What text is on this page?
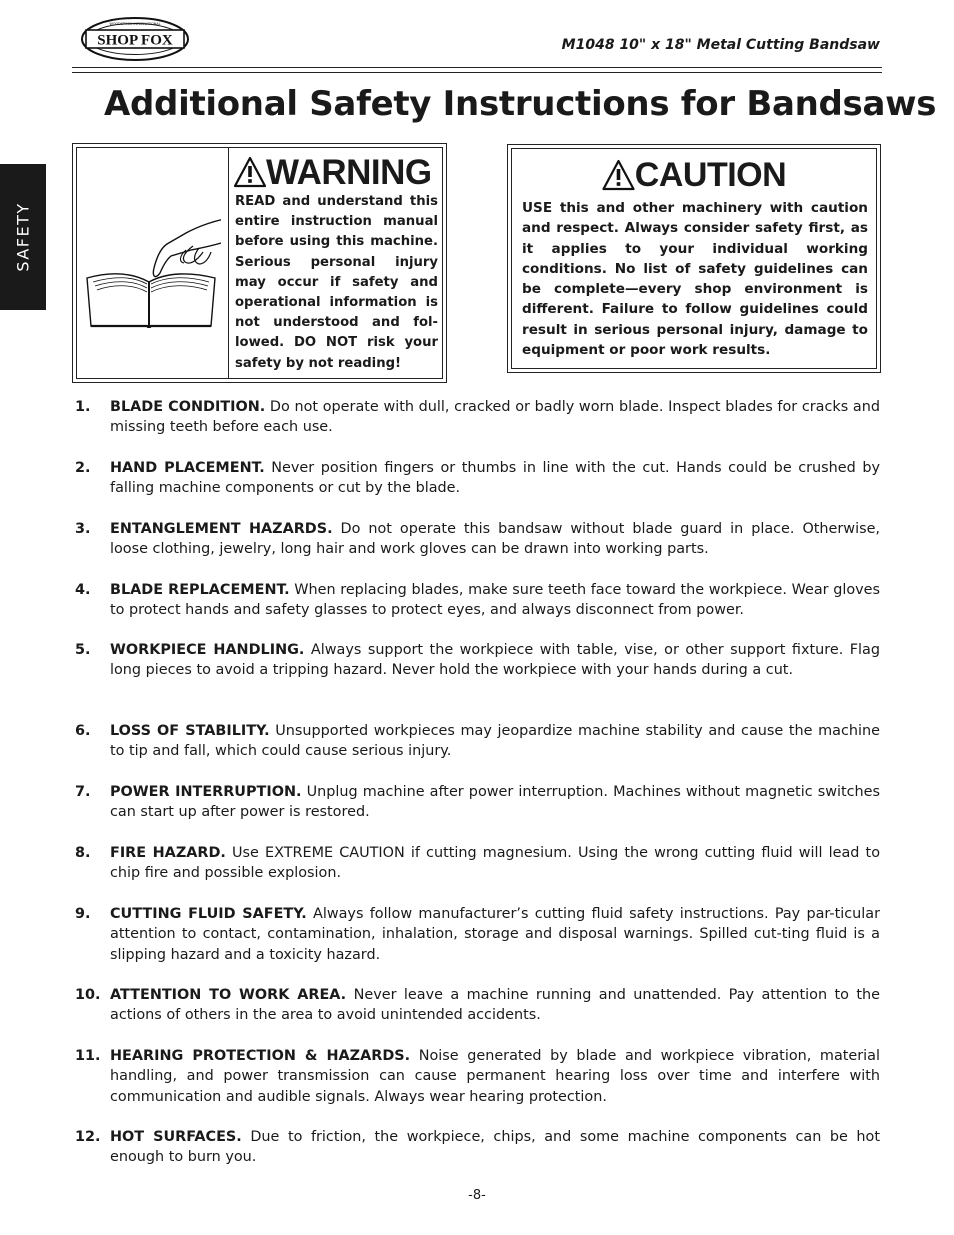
SHOP FOX
WOODSTOCK INTERNATIONAL
M1048 10" x 18" Metal Cutting Bandsaw
Additional Safety Instructions for Bandsaws
SAFETY
WARNING
READ and understand this entire instruction manual before using this machine. Serious personal injury may occur if safety and operational information is not understood and fol-lowed. DO NOT risk your safety by not reading!
CAUTION
USE this and other machinery with caution and respect. Always consider safety first, as it applies to your individual working conditions. No list of safety guidelines can be complete—every shop environment is different. Failure to follow guidelines could result in serious personal injury, damage to equipment or poor work results.
1. BLADE CONDITION. Do not operate with dull, cracked or badly worn blade. Inspect blades for cracks and missing teeth before each use.
2. HAND PLACEMENT. Never position fingers or thumbs in line with the cut. Hands could be crushed by falling machine components or cut by the blade.
3. ENTANGLEMENT HAZARDS. Do not operate this bandsaw without blade guard in place. Otherwise, loose clothing, jewelry, long hair and work gloves can be drawn into working parts.
4. BLADE REPLACEMENT. When replacing blades, make sure teeth face toward the workpiece. Wear gloves to protect hands and safety glasses to protect eyes, and always disconnect from power.
5. WORKPIECE HANDLING. Always support the workpiece with table, vise, or other support fixture. Flag long pieces to avoid a tripping hazard. Never hold the workpiece with your hands during a cut.
6. LOSS OF STABILITY. Unsupported workpieces may jeopardize machine stability and cause the machine to tip and fall, which could cause serious injury.
7. POWER INTERRUPTION. Unplug machine after power interruption. Machines without magnetic switches can start up after power is restored.
8. FIRE HAZARD. Use EXTREME CAUTION if cutting magnesium. Using the wrong cutting fluid will lead to chip fire and possible explosion.
9. CUTTING FLUID SAFETY. Always follow manufacturer’s cutting fluid safety instructions. Pay par-ticular attention to contact, contamination, inhalation, storage and disposal warnings. Spilled cut-ting fluid is a slipping hazard and a toxicity hazard.
10. ATTENTION TO WORK AREA. Never leave a machine running and unattended. Pay attention to the actions of others in the area to avoid unintended accidents.
11. HEARING PROTECTION & HAZARDS. Noise generated by blade and workpiece vibration, material handling, and power transmission can cause permanent hearing loss over time and interfere with communication and audible signals. Always wear hearing protection.
12. HOT SURFACES. Due to friction, the workpiece, chips, and some machine components can be hot enough to burn you.
-8-
